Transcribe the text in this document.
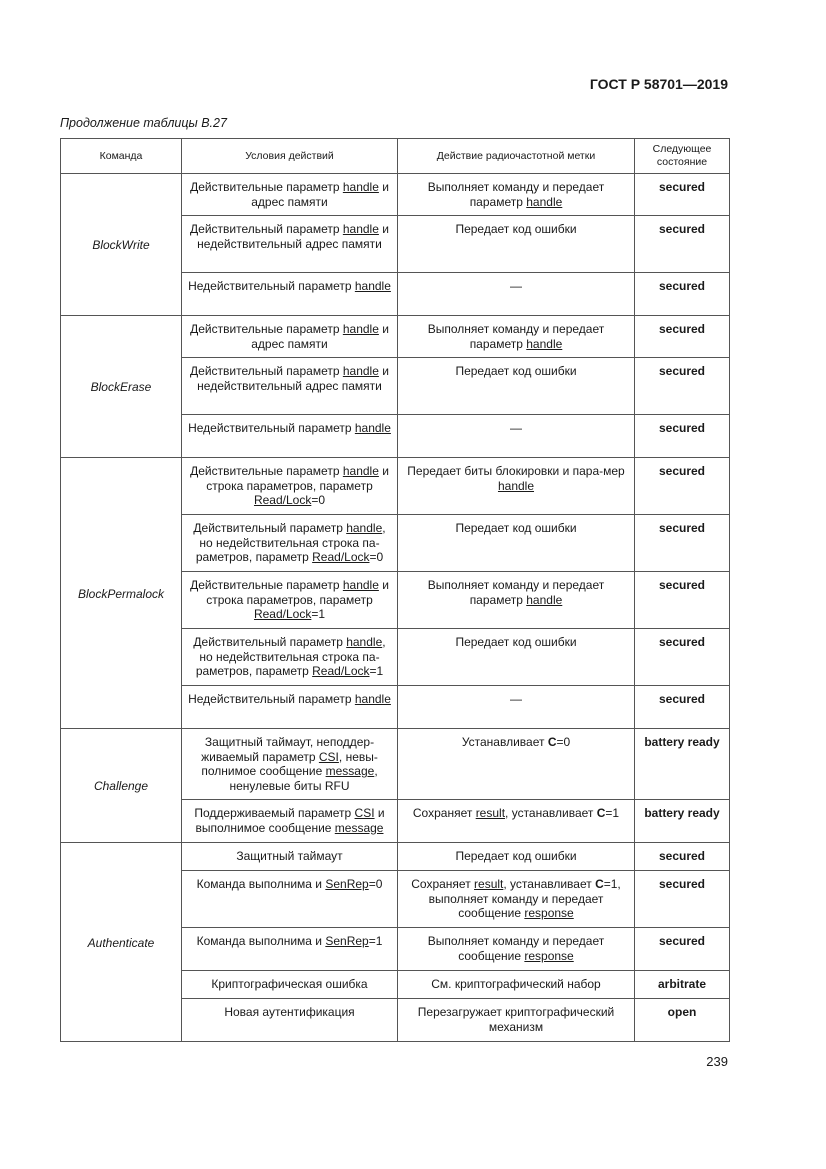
ГОСТ Р 58701—2019
Продолжение таблицы В.27
Команда	Условия действий	Действие радиочастотной метки	Следующее состояние
BlockWrite	Действительные параметр handle и адрес памяти	Выполняет команду и передает параметр handle	secured
	Действительный параметр handle и недействительный адрес памяти	Передает код ошибки	secured
	Недействительный параметр handle	—	secured
BlockErase	Действительные параметр handle и адрес памяти	Выполняет команду и передает параметр handle	secured
	Действительный параметр handle и недействительный адрес памяти	Передает код ошибки	secured
	Недействительный параметр handle	—	secured
BlockPermalock	Действительные параметр handle и строка параметров, параметр Read/Lock=0	Передает биты блокировки и пара-мер handle	secured
	Действительный параметр handle, но недействительная строка па-раметров, параметр Read/Lock=0	Передает код ошибки	secured
	Действительные параметр handle и строка параметров, параметр Read/Lock=1	Выполняет команду и передает параметр handle	secured
	Действительный параметр handle, но недействительная строка па-раметров, параметр Read/Lock=1	Передает код ошибки	secured
	Недействительный параметр handle	—	secured
Challenge	Защитный таймаут, неподдер-живаемый параметр CSI, невы-полнимое сообщение message, ненулевые биты RFU	Устанавливает C=0	battery ready
	Поддерживаемый параметр CSI и выполнимое сообщение message	Сохраняет result, устанавливает C=1	battery ready
Authenticate	Защитный таймаут	Передает код ошибки	secured
	Команда выполнима и SenRep=0	Сохраняет result, устанавливает C=1, выполняет команду и передает сообщение response	secured
	Команда выполнима и SenRep=1	Выполняет команду и передает сообщение response	secured
	Криптографическая ошибка	См. криптографический набор	arbitrate
	Новая аутентификация	Перезагружает криптографический механизм	open
239
